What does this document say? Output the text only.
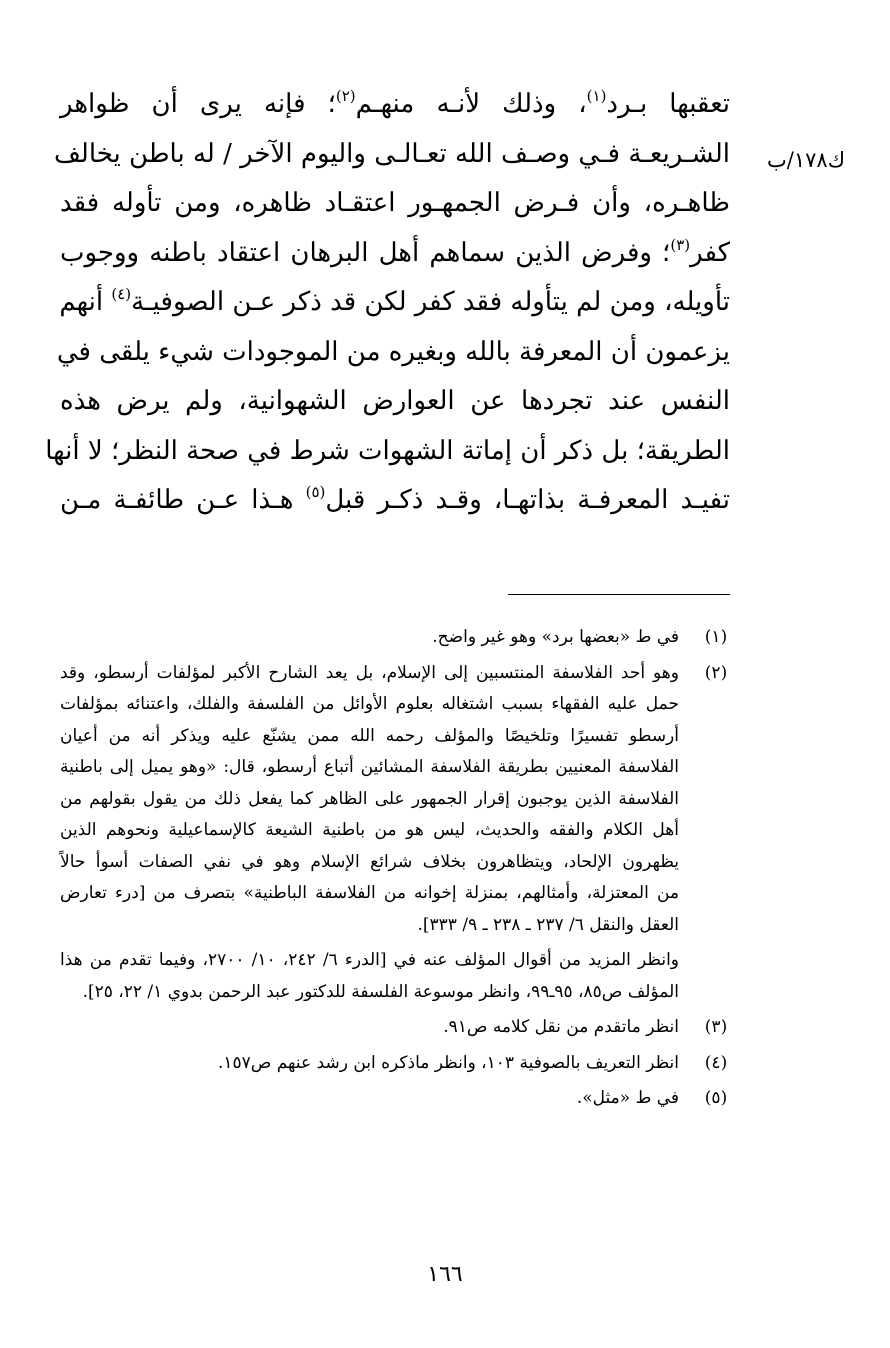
ك١٧٨/ب
تعقبها بـرد$^{(١)}$، وذلك لأنـه منهـم$^{(٢)}$؛ فإنه يرى أن ظواهر
الشـريعـة فـي وصـف الله تعـالـى واليوم الآخر / له باطن يخالف
ظاهـره، وأن فـرض الجمهـور اعتقـاد ظاهره، ومن تأوله فقد
كفر$^{(٣)}$؛ وفرض الذين سماهم أهل البرهان اعتقاد باطنه ووجوب
تأويله، ومن لم يتأوله فقد كفر لكن قد ذكر عـن الصوفيـة$^{(٤)}$ أنهم
يزعمون أن المعرفة بالله وبغيره من الموجودات شيء يلقى في
النفس عند تجردها عن العوارض الشهوانية، ولم يرض هذه
الطريقة؛ بل ذكر أن إماتة الشهوات شرط في صحة النظر؛ لا أنها
تفيـد المعرفـة بذاتهـا، وقـد ذكـر قبل$^{(٥)}$ هـذا عـن طائفـة مـن
(١)
في ط «بعضها برد» وهو غير واضح.
(٢)
وهو أحد الفلاسفة المنتسبين إلى الإسلام، بل يعد الشارح الأكبر لمؤلفات أرسطو، وقد
حمل عليه الفقهاء بسبب اشتغاله بعلوم الأوائل من الفلسفة والفلك، واعتنائه بمؤلفات
أرسطو تفسيرًا وتلخيصًا والمؤلف رحمه الله ممن يشنّع عليه ويذكر أنه من أعيان
الفلاسفة المعنيين بطريقة الفلاسفة المشائين أتباع أرسطو، قال: «وهو يميل إلى باطنية
الفلاسفة الذين يوجبون إقرار الجمهور على الظاهر كما يفعل ذلك من يقول بقولهم من
أهل الكلام والفقه والحديث، ليس هو من باطنية الشيعة كالإسماعيلية ونحوهم الذين
يظهرون الإلحاد، ويتظاهرون بخلاف شرائع الإسلام وهو في نفي الصفات أسوأ حالاً
من المعتزلة، وأمثالهم، بمنزلة إخوانه من الفلاسفة الباطنية» بتصرف من [درء تعارض
العقل والنقل ٦/ ٢٣٧ ـ ٢٣٨ ـ ٩/ ٣٣٣].
وانظر المزيد من أقوال المؤلف عنه في [الدرء ٦/ ٢٤٢، ١٠/ ٢٧٠٠، وفيما تقدم من هذا
المؤلف ص٨٥، ٩٥ـ٩٩، وانظر موسوعة الفلسفة للدكتور عبد الرحمن بدوي ١/ ٢٢، ٢٥].
(٣)
انظر ماتقدم من نقل كلامه ص٩١.
(٤)
انظر التعريف بالصوفية ١٠٣، وانظر ماذكره ابن رشد عنهم ص١٥٧.
(٥)
في ط «مثل».
١٦٦
